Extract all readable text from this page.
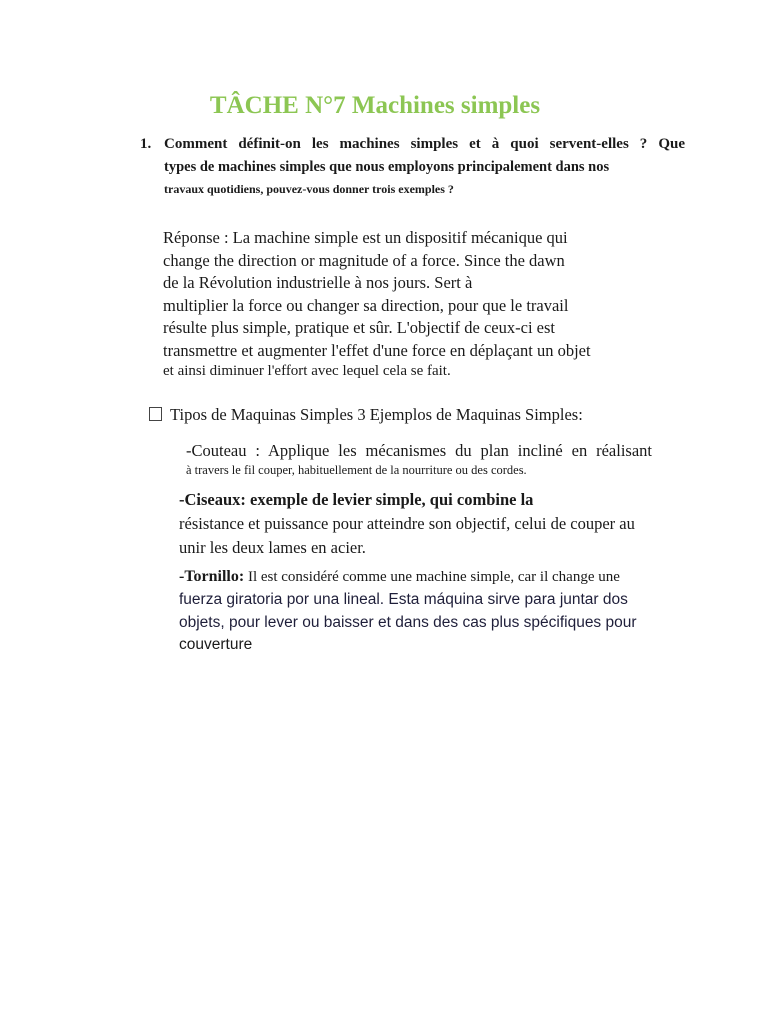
TÂCHE N°7 Machines simples
1. Comment définit-on les machines simples et à quoi servent-elles ? Que
types de machines simples que nous employons principalement dans nos
travaux quotidiens, pouvez-vous donner trois exemples ?
Réponse : La machine simple est un dispositif mécanique qui
change the direction or magnitude of a force. Since the dawn
de la Révolution industrielle à nos jours. Sert à
multiplier la force ou changer sa direction, pour que le travail
résulte plus simple, pratique et sûr. L'objectif de ceux-ci est
transmettre et augmenter l'effet d'une force en déplaçant un objet
et ainsi diminuer l'effort avec lequel cela se fait.
Tipos de Maquinas Simples 3 Ejemplos de Maquinas Simples:
-Couteau : Applique les mécanismes du plan incliné en réalisant
à travers le fil couper, habituellement de la nourriture ou des cordes.
-Ciseaux: exemple de levier simple, qui combine la
résistance et puissance pour atteindre son objectif, celui de couper au
unir les deux lames en acier.
-Tornillo: Il est considéré comme une machine simple, car il change une
fuerza giratoria por una lineal. Esta máquina sirve para juntar dos
objets, pour lever ou baisser et dans des cas plus spécifiques pour
couverture
